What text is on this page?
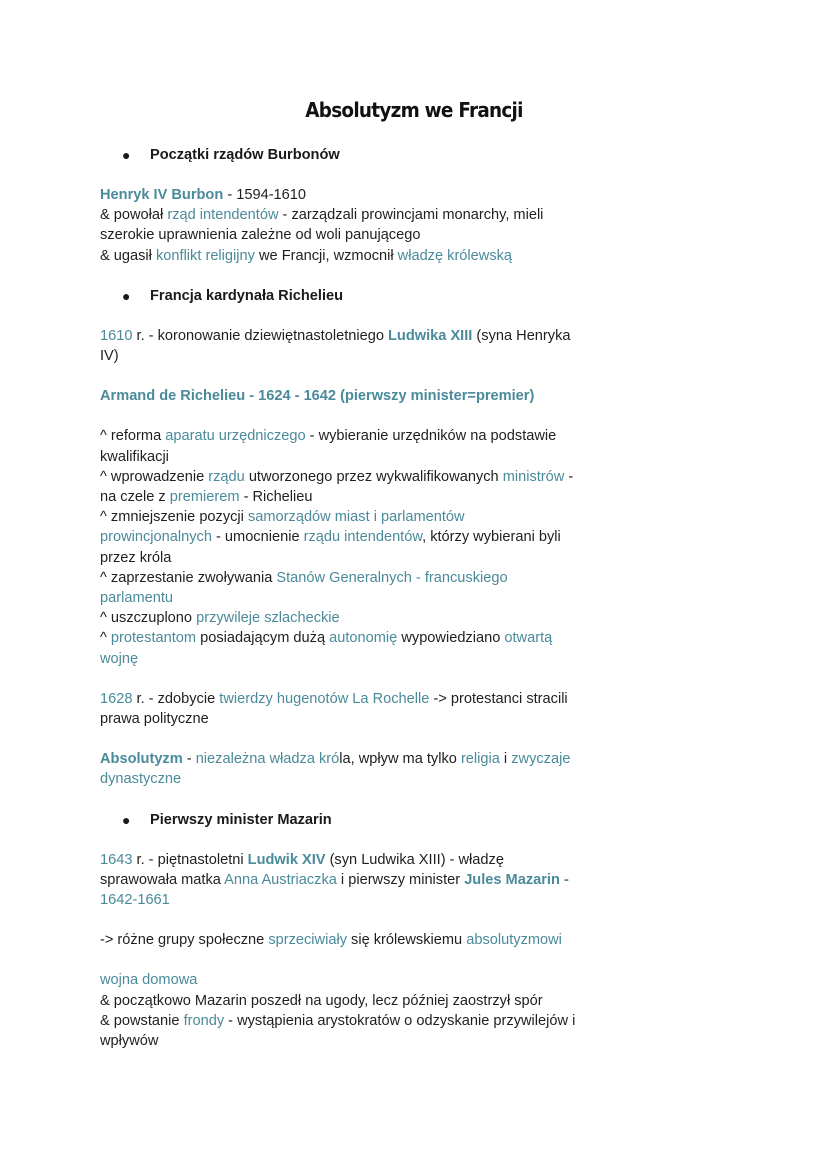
Absolutyzm we Francji
● Początki rządów Burbonów

Henryk IV Burbon - 1594-1610

& powołał rząd intendentów - zarządzali prowincjami monarchy, mieli

szerokie uprawnienia zależne od woli panującego

& ugasił konflikt religijny we Francji, wzmocnił władzę królewską

● Francja kardynała Richelieu

1610 r. - koronowanie dziewiętnastoletniego Ludwika XIII (syna Henryka

IV)

Armand de Richelieu - 1624 - 1642 (pierwszy minister=premier)

^ reforma aparatu urzędniczego - wybieranie urzędników na podstawie

kwalifikacji

^ wprowadzenie rządu utworzonego przez wykwalifikowanych ministrów -

na czele z premierem - Richelieu

^ zmniejszenie pozycji samorządów miast i parlamentów

prowincjonalnych - umocnienie rządu intendentów, którzy wybierani byli

przez króla

^ zaprzestanie zwoływania Stanów Generalnych - francuskiego

parlamentu

^ uszczuplono przywileje szlacheckie

^ protestantom posiadającym dużą autonomię wypowiedziano otwartą

wojnę

1628 r. - zdobycie twierdzy hugenotów La Rochelle -> protestanci stracili

prawa polityczne

Absolutyzm - niezależna władza króla, wpływ ma tylko religia i zwyczaje

dynastyczne

● Pierwszy minister Mazarin

1643 r. - piętnastoletni Ludwik XIV (syn Ludwika XIII) - władzę

sprawowała matka Anna Austriaczka i pierwszy minister Jules Mazarin -

1642-1661

-> różne grupy społeczne sprzeciwiały się królewskiemu absolutyzmowi

wojna domowa

& początkowo Mazarin poszedł na ugody, lecz później zaostrzył spór

& powstanie frondy - wystąpienia arystokratów o odzyskanie przywilejów i

wpływów
